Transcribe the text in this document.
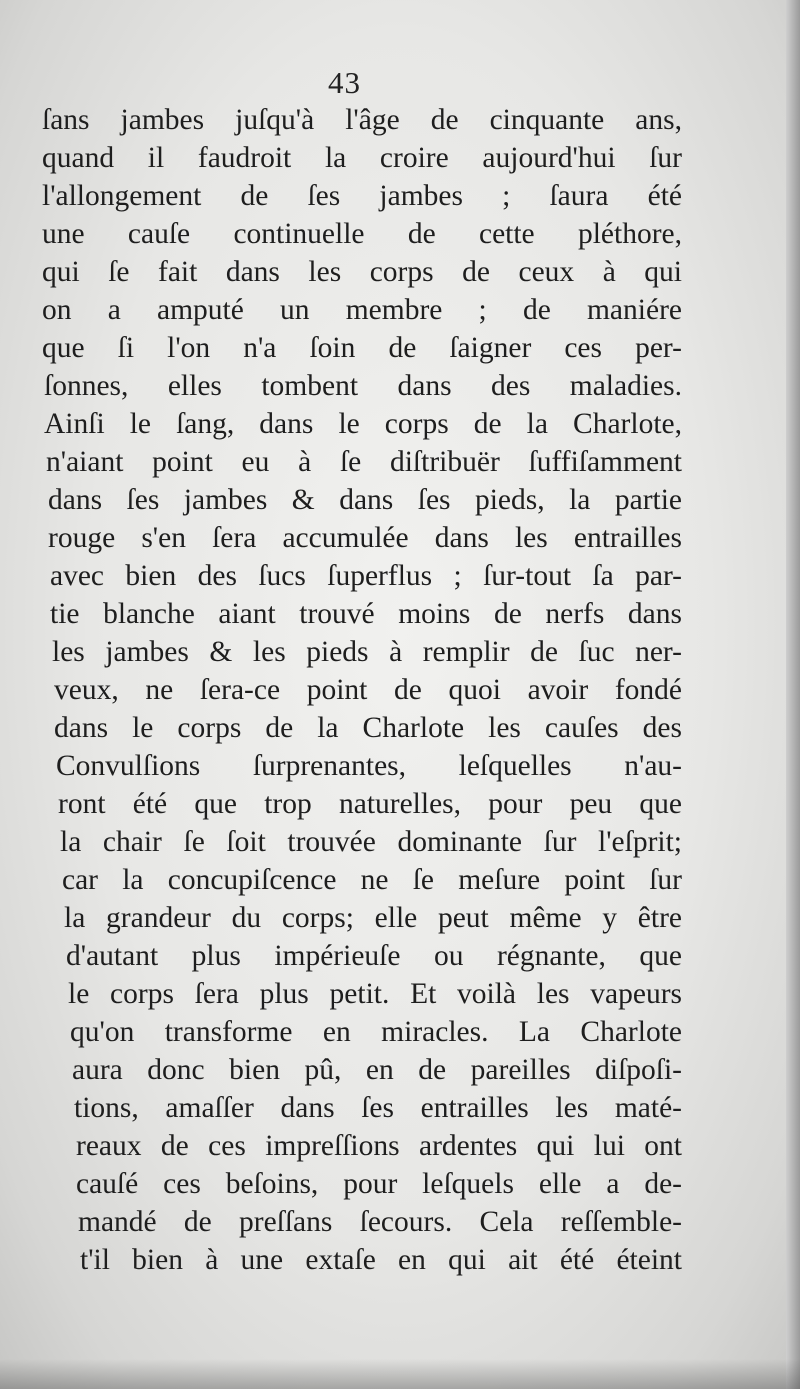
43
ſans jambes juſqu'à l'âge de cinquante ans,
quand il faudroit la croire aujourd'hui ſur
l'allongement de ſes jambes ; ſaura été
une cauſe continuelle de cette pléthore,
qui ſe fait dans les corps de ceux à qui
on a amputé un membre ; de maniére
que ſi l'on n'a ſoin de ſaigner ces per-
ſonnes, elles tombent dans des maladies.
Ainſi le ſang, dans le corps de la Charlote,
n'aiant point eu à ſe diſtribuër ſuffiſamment
dans ſes jambes & dans ſes pieds, la partie
rouge s'en ſera accumulée dans les entrailles
avec bien des ſucs ſuperflus ; ſur-tout ſa par-
tie blanche aiant trouvé moins de nerfs dans
les jambes & les pieds à remplir de ſuc ner-
veux, ne ſera-ce point de quoi avoir fondé
dans le corps de la Charlote les cauſes des
Convulſions ſurprenantes, leſquelles n'au-
ront été que trop naturelles, pour peu que
la chair ſe ſoit trouvée dominante ſur l'eſprit;
car la concupiſcence ne ſe meſure point ſur
la grandeur du corps; elle peut même y être
d'autant plus impérieuſe ou régnante, que
le corps ſera plus petit. Et voilà les vapeurs
qu'on transforme en miracles. La Charlote
aura donc bien pû, en de pareilles diſpoſi-
tions, amaſſer dans ſes entrailles les maté-
reaux de ces impreſſions ardentes qui lui ont
cauſé ces beſoins, pour leſquels elle a de-
mandé de preſſans ſecours. Cela reſſemble-
t'il bien à une extaſe en qui ait été éteint
